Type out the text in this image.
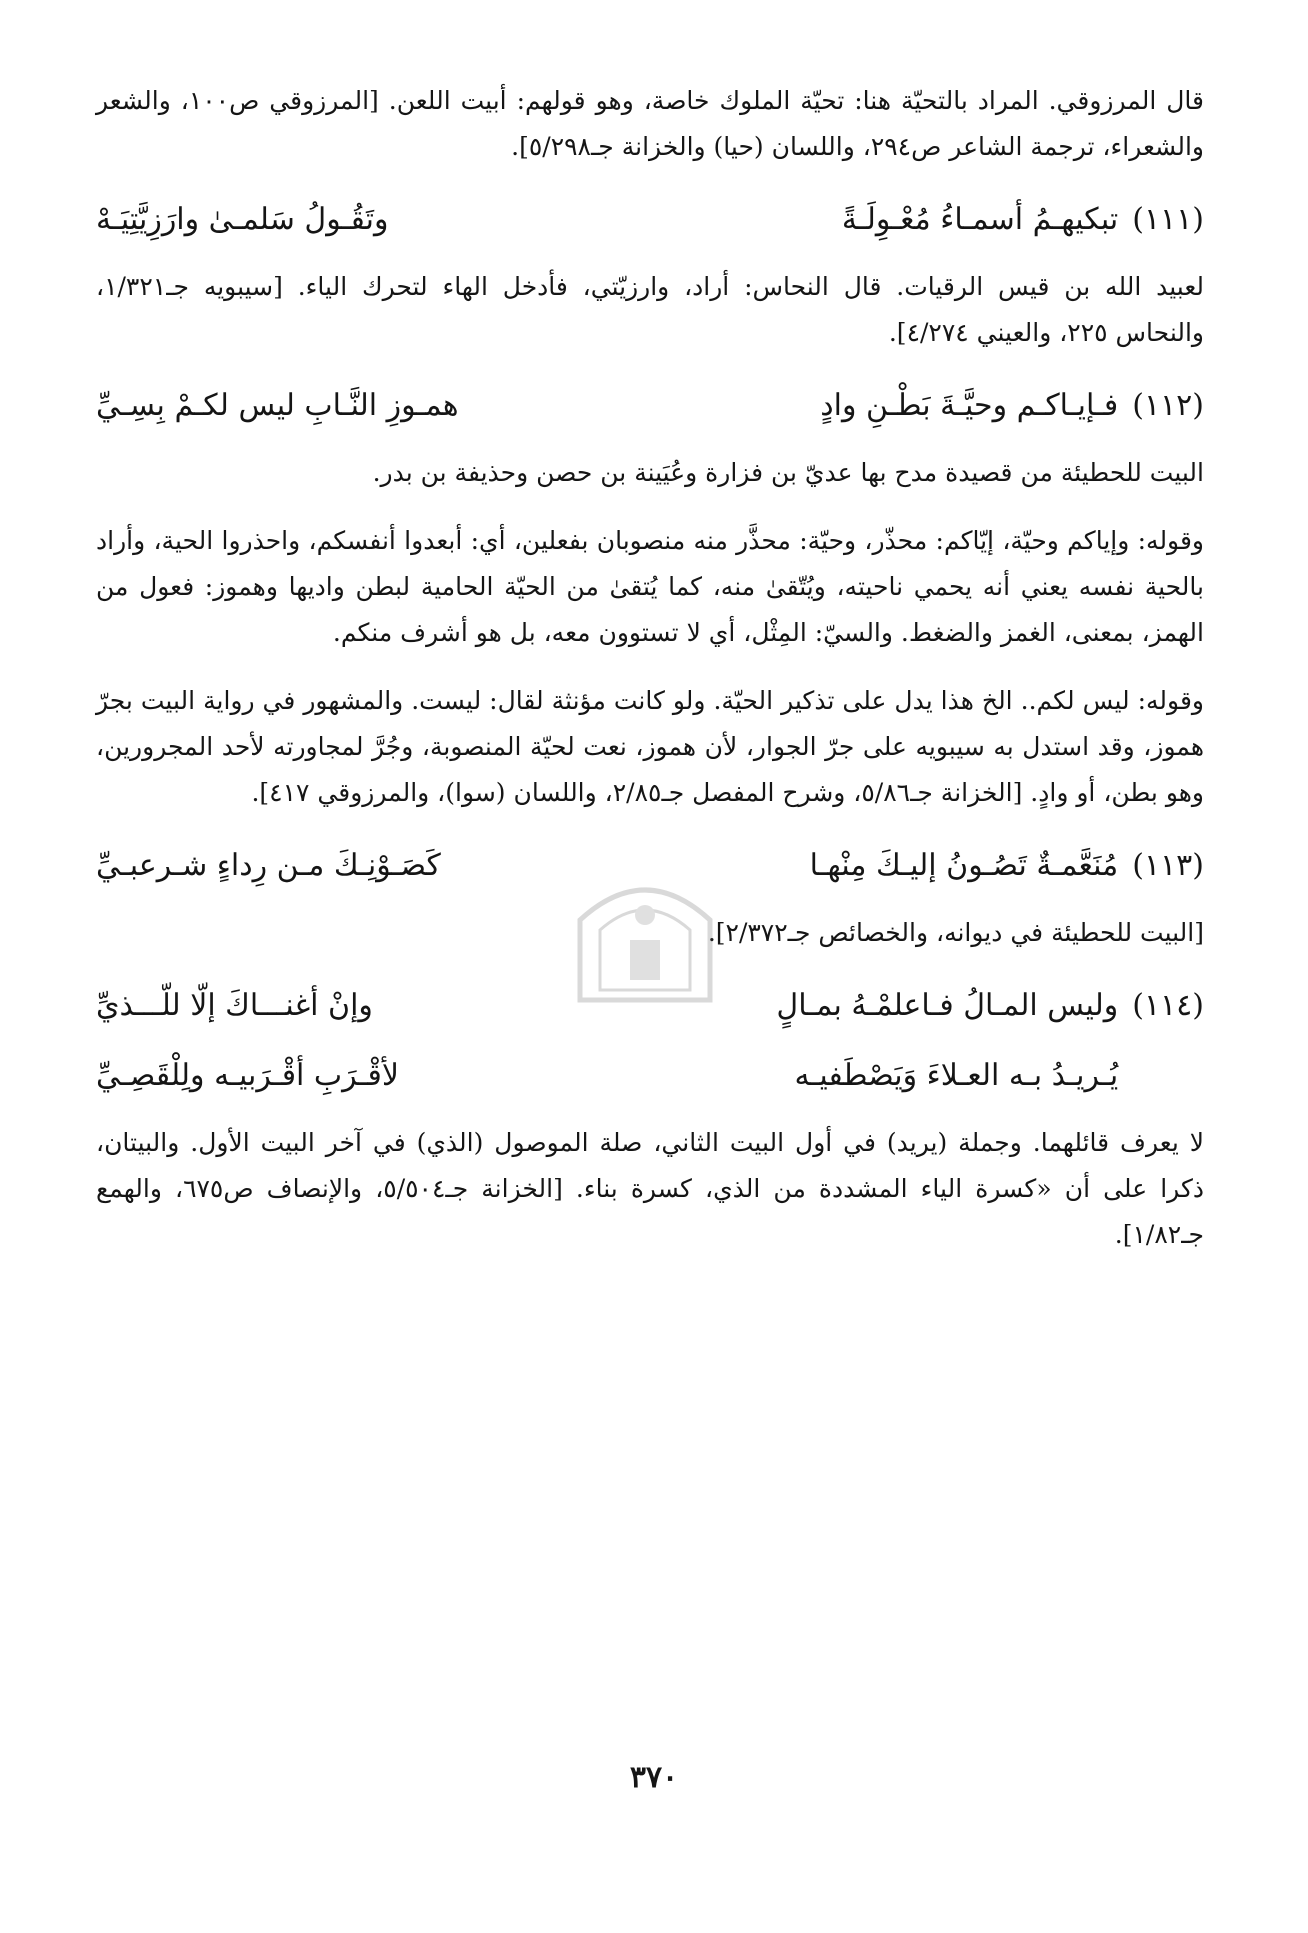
قال المرزوقي. المراد بالتحيّة هنا: تحيّة الملوك خاصة، وهو قولهم: أبيت اللعن. [المرزوقي ص١٠٠، والشعر والشعراء، ترجمة الشاعر ص٢٩٤، واللسان (حيا) والخزانة جـ٥/٢٩٨].

(١١١)
تبكيهـمُ أسمـاءُ مُعْـوِلَـةً
وتَقُـولُ سَلمـىٰ وارَزِيَّتِيَـهْ

لعبيد الله بن قيس الرقيات. قال النحاس: أراد، وارزيّتي، فأدخل الهاء لتحرك الياء. [سيبويه جـ١/٣٢١، والنحاس ٢٢٥، والعيني ٤/٢٧٤].

(١١٢)
فـإيـاكـم وحيَّـةَ بَطْـنِ وادٍ
همـوزِ النَّـابِ ليس لكـمْ بِسِـيِّ

البيت للحطيئة من قصيدة مدح بها عديّ بن فزارة وعُيَينة بن حصن وحذيفة بن بدر.

وقوله: وإياكم وحيّة، إيّاكم: محذّر، وحيّة: محذَّر منه منصوبان بفعلين، أي: أبعدوا أنفسكم، واحذروا الحية، وأراد بالحية نفسه يعني أنه يحمي ناحيته، ويُتّقىٰ منه، كما يُتقىٰ من الحيّة الحامية لبطن واديها وهموز: فعول من الهمز، بمعنى، الغمز والضغط. والسيّ: المِثْل، أي لا تستوون معه، بل هو أشرف منكم.

وقوله: ليس لكم.. الخ هذا يدل على تذكير الحيّة. ولو كانت مؤنثة لقال: ليست. والمشهور في رواية البيت بجرّ هموز، وقد استدل به سيبويه على جرّ الجوار، لأن هموز، نعت لحيّة المنصوبة، وجُرَّ لمجاورته لأحد المجرورين، وهو بطن، أو وادٍ. [الخزانة جـ٥/٨٦، وشرح المفصل جـ٢/٨٥، واللسان (سوا)، والمرزوقي ٤١٧].

(١١٣)
مُنَعَّمـةٌ تَصُـونُ إليـكَ مِنْهـا
كَصَـوْنِـكَ مـن رِداءٍ شـرعبـيِّ

[البيت للحطيئة في ديوانه، والخصائص جـ٢/٣٧٢].

(١١٤)
وليس المـالُ فـاعلمْـهُ بمـالٍ
وإنْ أغنـــاكَ إلّا للّـــذيِّ
يُـريـدُ بـه العـلاءَ وَيَصْطَفيـه
لأقْـرَبِ أقْـرَبيـه ولِلْقَصِـيِّ

لا يعرف قائلهما. وجملة (يريد) في أول البيت الثاني، صلة الموصول (الذي) في آخر البيت الأول. والبيتان، ذكرا على أن «كسرة الياء المشددة من الذي، كسرة بناء. [الخزانة جـ٥/٥٠٤، والإنصاف ص٦٧٥، والهمع جـ١/٨٢].

٣٧٠
